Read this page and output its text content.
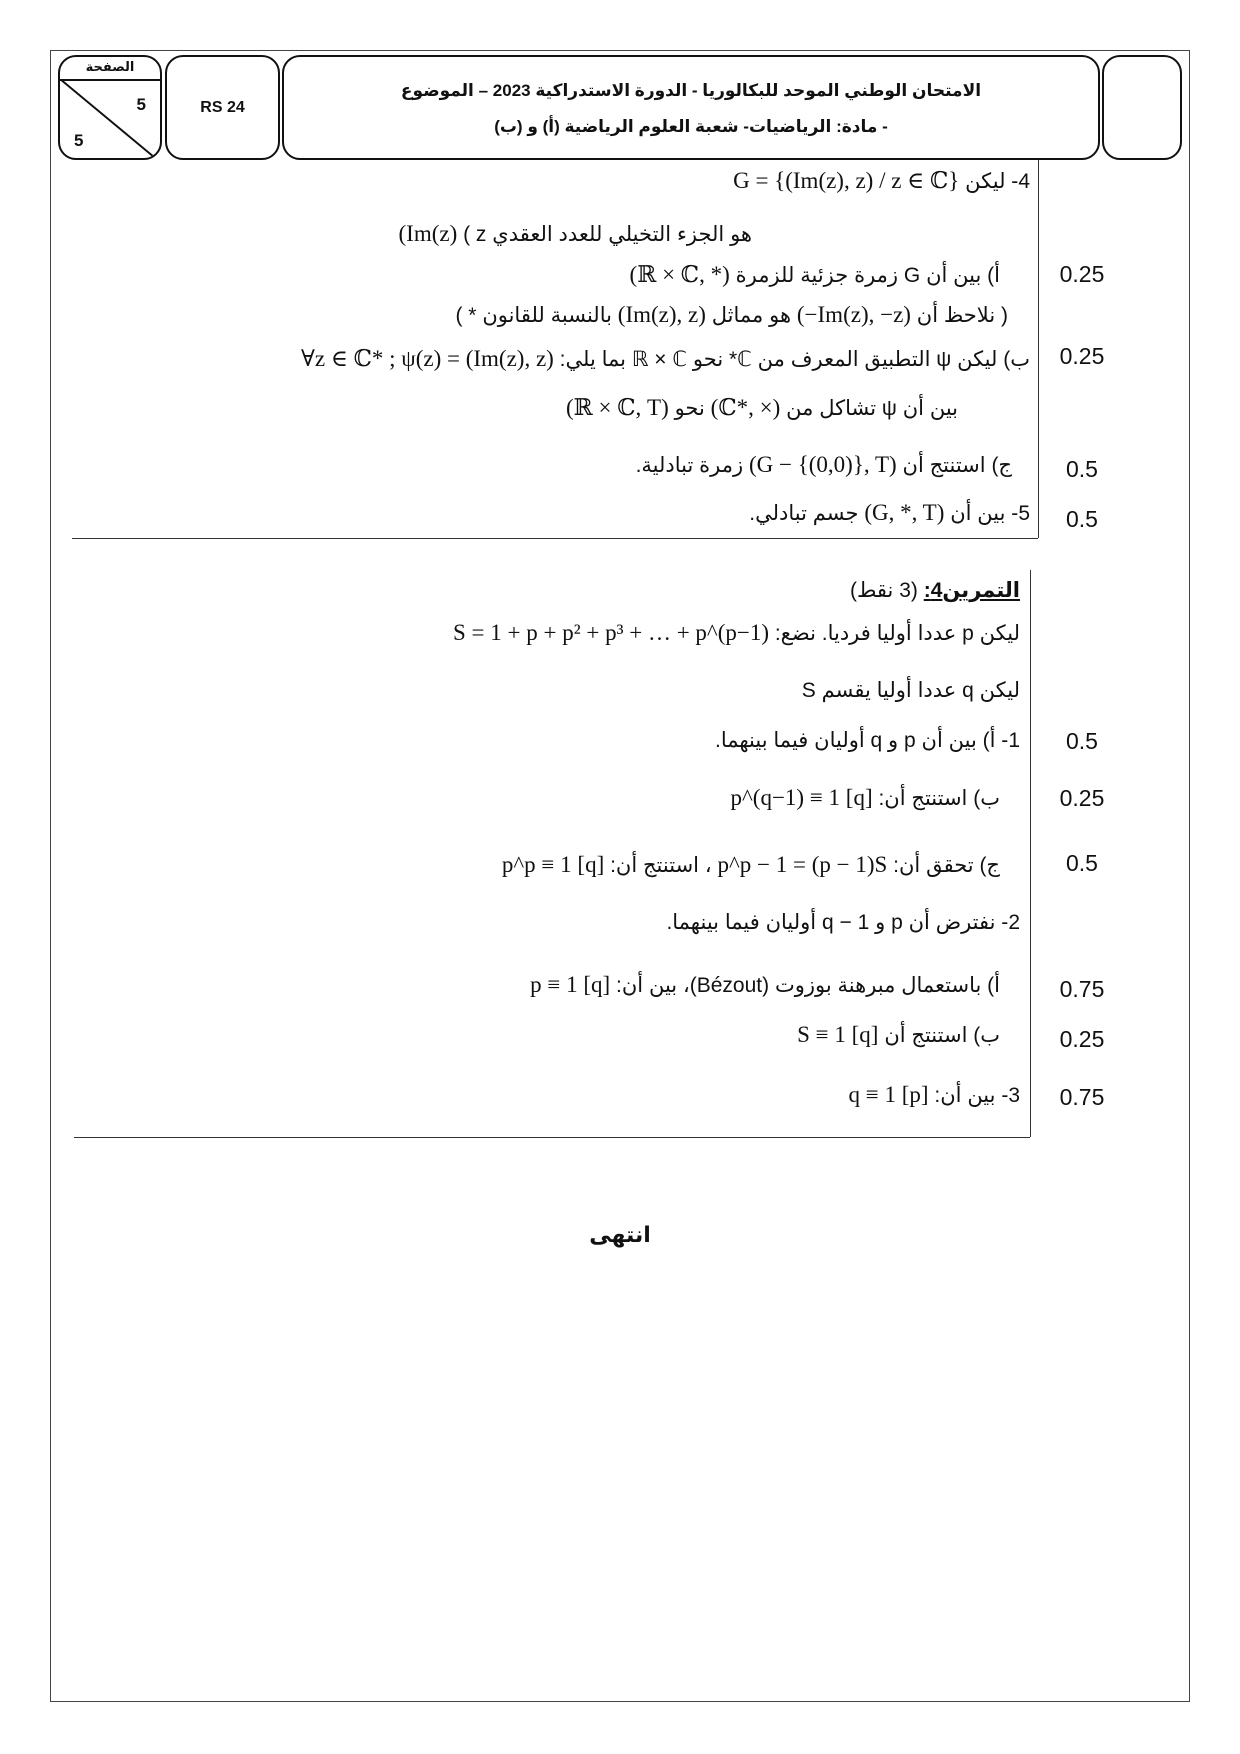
الصفحة
5
5
RS 24
الامتحان الوطني الموحد للبكالوريا - الدورة الاستدراكية 2023 – الموضوع
- مادة: الرياضيات- شعبة العلوم الرياضية (أ) و (ب)
4- ليكن G = {(Im(z), z) / z ∈ ℂ}
هو الجزء التخيلي للعدد العقدي z ) (Im(z)
أ) بين أن G زمرة جزئية للزمرة (ℝ × ℂ, *)
( نلاحظ أن (−Im(z), −z) هو مماثل (Im(z), z) بالنسبة للقانون * )
ب) ليكن ψ التطبيق المعرف من ℂ* نحو ℝ × ℂ بما يلي: ∀z ∈ ℂ* ; ψ(z) = (Im(z), z)
بين أن ψ تشاكل من (ℂ*, ×) نحو (ℝ × ℂ, T)
ج) استنتج أن (G − {(0,0)}, T) زمرة تبادلية.
5- بين أن (G, *, T) جسم تبادلي.
0.25
0.25
0.5
0.5
التمرين4: (3 نقط)
ليكن p عددا أوليا فرديا. نضع: S = 1 + p + p² + p³ + … + p^(p−1)
ليكن q عددا أوليا يقسم S
1- أ) بين أن p و q أوليان فيما بينهما.
ب) استنتج أن: p^(q−1) ≡ 1 [q]
ج) تحقق أن: p^p − 1 = (p − 1)S ، استنتج أن: p^p ≡ 1 [q]
2- نفترض أن p و q − 1 أوليان فيما بينهما.
أ) باستعمال مبرهنة بوزوت (Bézout)، بين أن: p ≡ 1 [q]
ب) استنتج أن S ≡ 1 [q]
3- بين أن: q ≡ 1 [p]
0.5
0.25
0.5
0.75
0.25
0.75
انتهى
